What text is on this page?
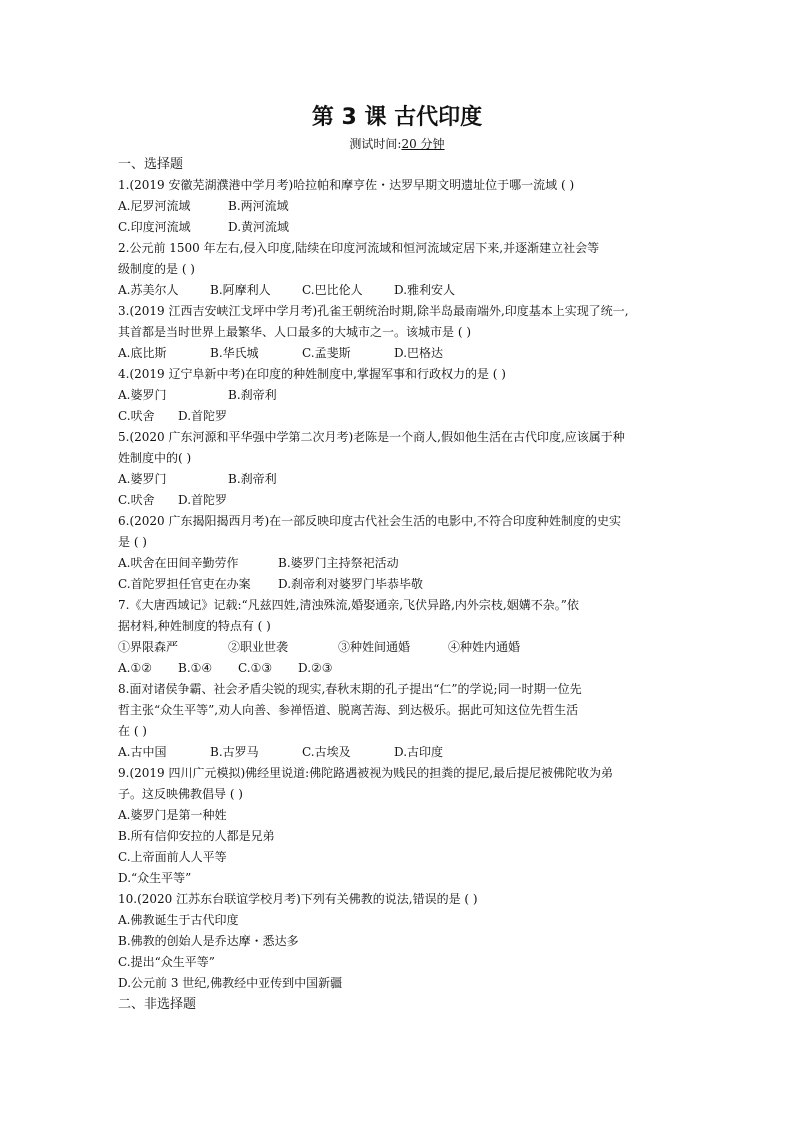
第 3 课 古代印度
测试时间:20 分钟
一、选择题
1.(2019 安徽芜湖濮港中学月考)哈拉帕和摩亨佐・达罗早期文明遗址位于哪一流域 ( )
A.尼罗河流域	B.两河流域
C.印度河流域	D.黄河流域
2.公元前 1500 年左右,侵入印度,陆续在印度河流域和恒河流域定居下来,并逐渐建立社会等
级制度的是 ( )
A.苏美尔人	B.阿摩利人	C.巴比伦人	D.雅利安人
3.(2019 江西吉安峡江戈坪中学月考)孔雀王朝统治时期,除半岛最南端外,印度基本上实现了统一,
其首都是当时世界上最繁华、人口最多的大城市之一。该城市是 ( )
A.底比斯	B.华氏城	C.孟斐斯	D.巴格达
4.(2019 辽宁阜新中考)在印度的种姓制度中,掌握军事和行政权力的是 ( )
A.婆罗门	B.刹帝利
C.吠舍 D.首陀罗
5.(2020 广东河源和平华强中学第二次月考)老陈是一个商人,假如他生活在古代印度,应该属于种
姓制度中的( )
A.婆罗门	B.刹帝利
C.吠舍 D.首陀罗
6.(2020 广东揭阳揭西月考)在一部反映印度古代社会生活的电影中,不符合印度种姓制度的史实
是 ( )
A.吠舍在田间辛勤劳作	B.婆罗门主持祭祀活动
C.首陀罗担任官吏在办案 D.刹帝利对婆罗门毕恭毕敬
7.《大唐西域记》记载:“凡兹四姓,清浊殊流,婚娶通亲,飞伏异路,内外宗枝,姻媾不杂。”依
据材料,种姓制度的特点有 ( )
①界限森严	②职业世袭	③种姓间通婚	④种姓内通婚
A.①② B.①④ C.①③ D.②③
8.面对诸侯争霸、社会矛盾尖锐的现实,春秋末期的孔子提出“仁”的学说;同一时期一位先
哲主张“众生平等”,劝人向善、参禅悟道、脱离苦海、到达极乐。据此可知这位先哲生活
在 ( )
A.古中国	B.古罗马	C.古埃及	D.古印度
9.(2019 四川广元模拟)佛经里说道:佛陀路遇被视为贱民的担粪的提尼,最后提尼被佛陀收为弟
子。这反映佛教倡导 ( )
A.婆罗门是第一种姓
B.所有信仰安拉的人都是兄弟
C.上帝面前人人平等
D.“众生平等”
10.(2020 江苏东台联谊学校月考)下列有关佛教的说法,错误的是 ( )
A.佛教诞生于古代印度
B.佛教的创始人是乔达摩・悉达多
C.提出“众生平等”
D.公元前 3 世纪,佛教经中亚传到中国新疆
二、非选择题
